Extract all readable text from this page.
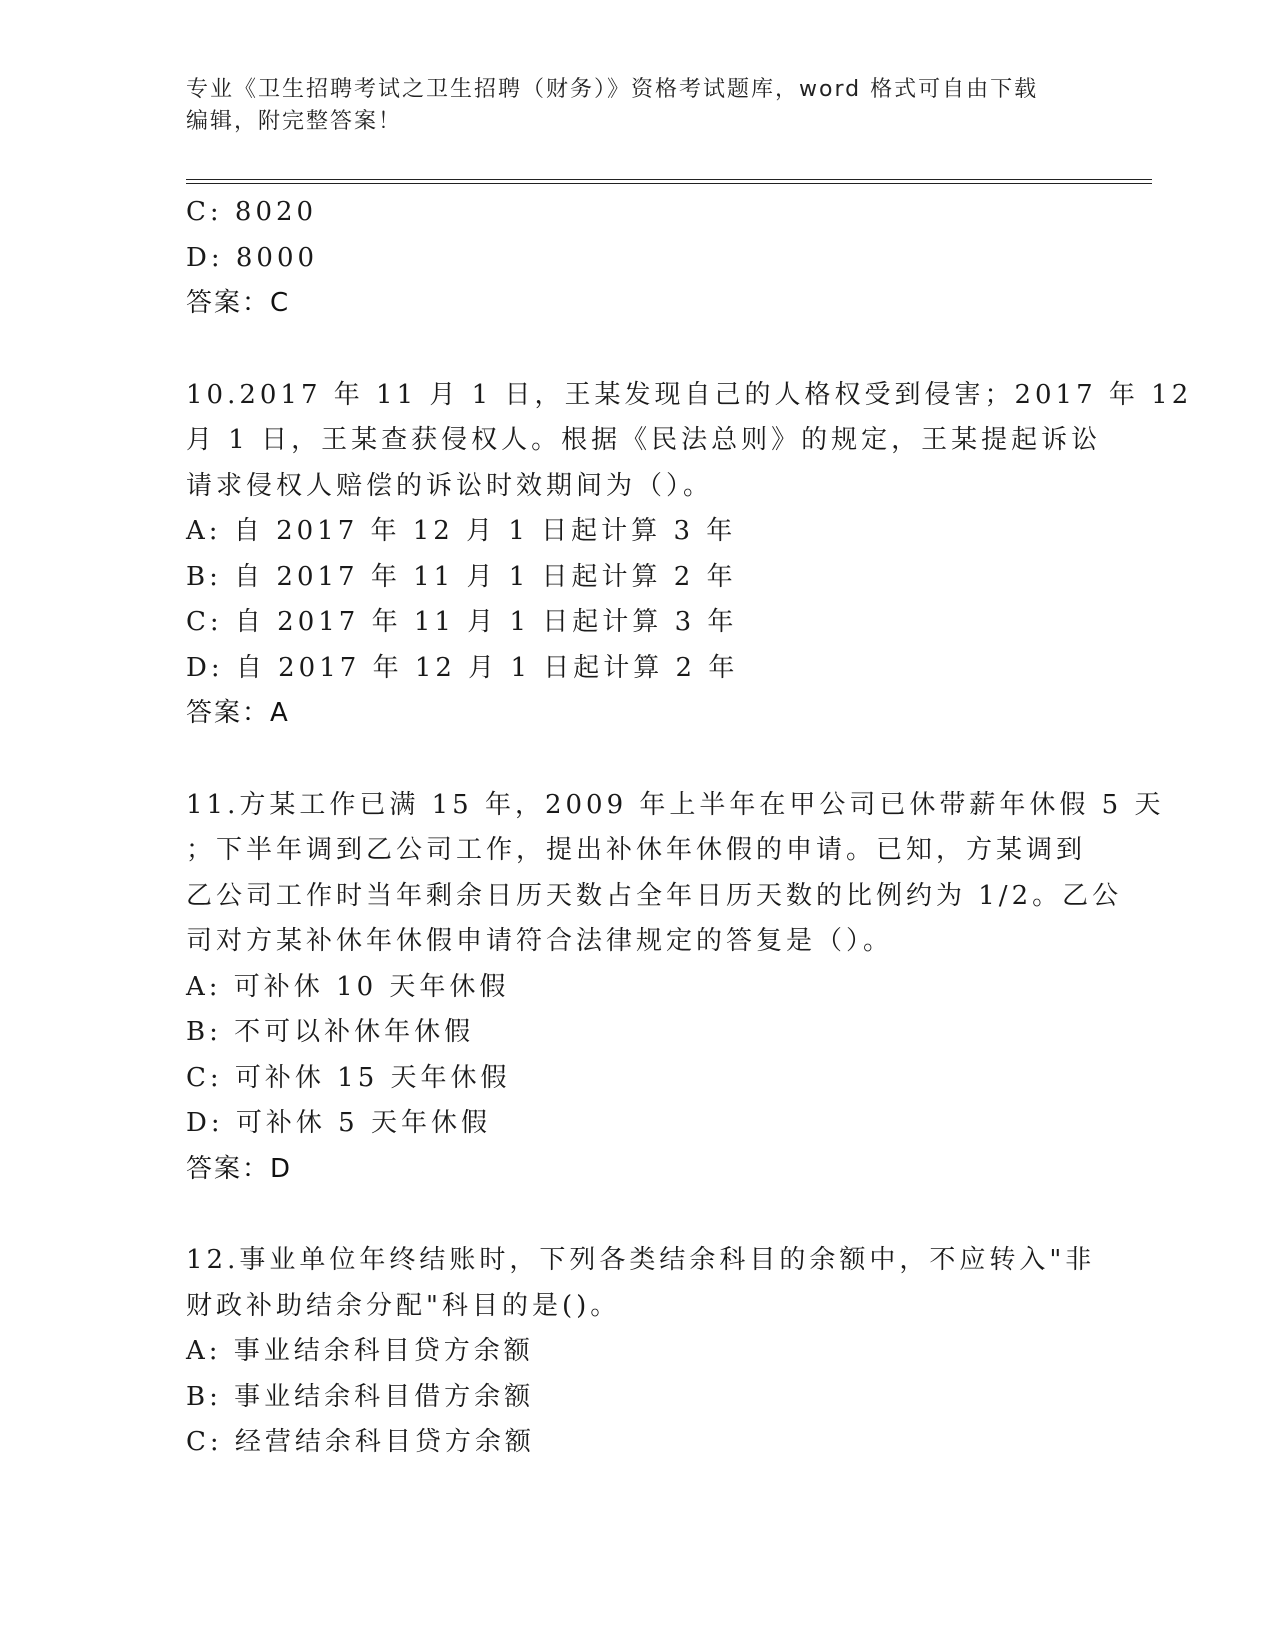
专业《卫生招聘考试之卫生招聘（财务）》资格考试题库，word 格式可自由下载
编辑，附完整答案！
C: 8020
D: 8000
答案：C
10.2017 年 11 月 1 日，王某发现自己的人格权受到侵害；2017 年 12
月 1 日，王某查获侵权人。根据《民法总则》的规定，王某提起诉讼
请求侵权人赔偿的诉讼时效期间为（）。
A: 自 2017 年 12 月 1 日起计算 3 年
B: 自 2017 年 11 月 1 日起计算 2 年
C: 自 2017 年 11 月 1 日起计算 3 年
D: 自 2017 年 12 月 1 日起计算 2 年
答案：A
11.方某工作已满 15 年，2009 年上半年在甲公司已休带薪年休假 5 天
；下半年调到乙公司工作，提出补休年休假的申请。已知，方某调到
乙公司工作时当年剩余日历天数占全年日历天数的比例约为 1/2。乙公
司对方某补休年休假申请符合法律规定的答复是（）。
A: 可补休 10 天年休假
B: 不可以补休年休假
C: 可补休 15 天年休假
D: 可补休 5 天年休假
答案：D
12.事业单位年终结账时，下列各类结余科目的余额中，不应转入"非
财政补助结余分配"科目的是()。
A: 事业结余科目贷方余额
B: 事业结余科目借方余额
C: 经营结余科目贷方余额
